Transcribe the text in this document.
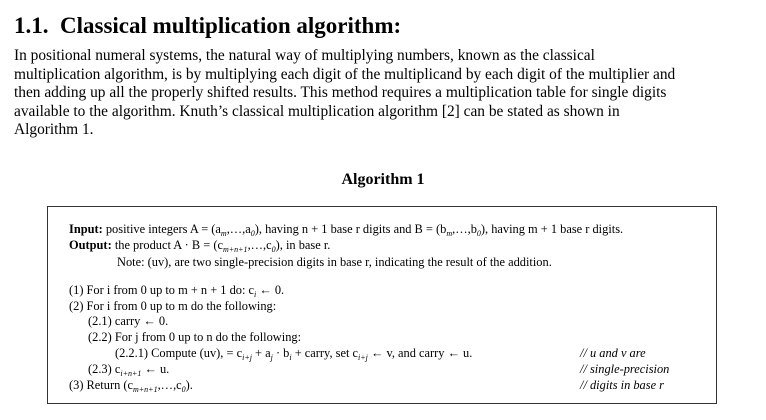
1.1. Classical multiplication algorithm:
In positional numeral systems, the natural way of multiplying numbers, known as the classical
multiplication algorithm, is by multiplying each digit of the multiplicand by each digit of the multiplier and
then adding up all the properly shifted results. This method requires a multiplication table for single digits
available to the algorithm. Knuth’s classical multiplication algorithm [2] can be stated as shown in
Algorithm 1.
Algorithm 1
Input: positive integers $A = (a_m,\dots,a_0)$, having n + 1 base r digits and $B = (b_m,\dots,b_0)$, having m + 1 base r digits.
Output: the product $A \cdot B = (c_{m+n+1},\dots,c_0)$, in base r.
Note: (uv), are two single-precision digits in base r, indicating the result of the addition.
(1) For i from 0 up to m + n + 1 do: $c_i$ ← 0.
(2) For i from 0 up to m do the following:
(2.1) carry ← 0.
(2.2) For j from 0 up to n do the following:
(2.2.1) Compute (uv), = $c_{i+j} + a_j \cdot b_i$ + carry, set $c_{i+j}$ ← v, and carry ← u.
(2.3) $c_{i+n+1}$ ← u.
(3) Return $(c_{m+n+1},\dots,c_0)$.
// u and v are
// single-precision
// digits in base r
